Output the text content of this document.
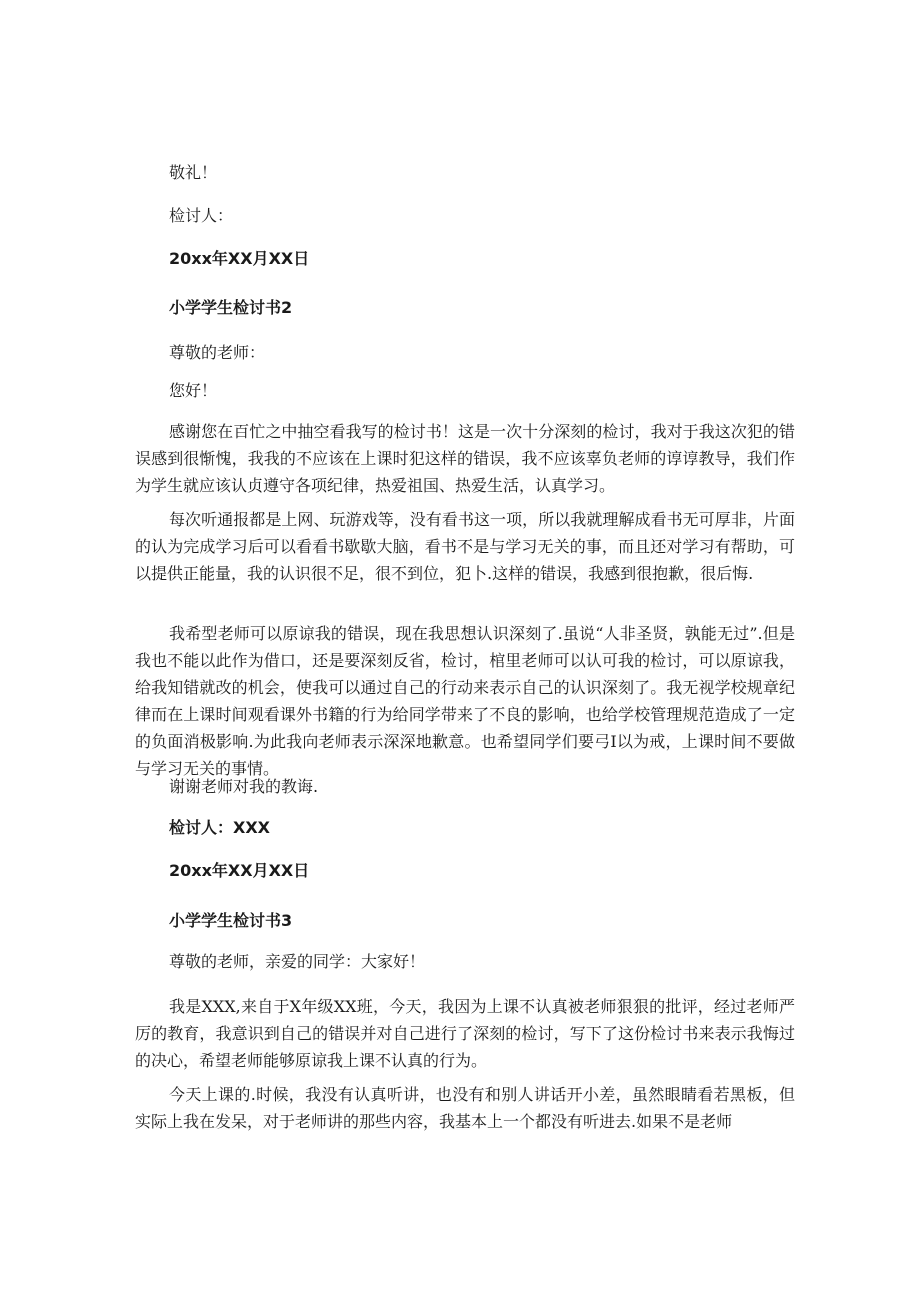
敬礼！

检讨人：

20xx年XX月XX日

小学学生检讨书2

尊敬的老师：

您好！

感谢您在百忙之中抽空看我写的检讨书！这是一次十分深刻的检讨，我对于我这次犯的错误感到很惭愧，我我的不应该在上课时犯这样的错误，我不应该辜负老师的谆谆教导，我们作为学生就应该认贞遵守各项纪律，热爱祖国、热爱生活，认真学习。

每次听通报都是上网、玩游戏等，没有看书这一项，所以我就理解成看书无可厚非，片面的认为完成学习后可以看看书歇歇大脑，看书不是与学习无关的事，而且还对学习有帮助，可以提供正能量，我的认识很不足，很不到位，犯卜.这样的错误，我感到很抱歉，很后悔.

我希型老师可以原谅我的错误，现在我思想认识深刻了.虽说“人非圣贤，孰能无过”.但是我也不能以此作为借口，还是要深刻反省，检讨，棺里老师可以认可我的检讨，可以原谅我，给我知错就改的机会，使我可以通过自己的行动来表示自己的认识深刻了。我无视学校规章纪律而在上课时间观看课外书籍的行为给同学带来了不良的影响，也给学校管理规范造成了一定的负面消极影响.为此我向老师表示深深地歉意。也希望同学们要弓I以为戒，上课时间不要做与学习无关的事情。

谢谢老师对我的教诲.

检讨人：XXX

20xx年XX月XX日

小学学生检讨书3

尊敬的老师，亲爱的同学：大家好！

我是XXX,来自于X年级XX班，今天，我因为上课不认真被老师狠狠的批评，经过老师严厉的教育，我意识到自己的错误并对自己进行了深刻的检讨，写下了这份检讨书来表示我悔过的决心，希望老师能够原谅我上课不认真的行为。

今天上课的.时候，我没有认真听讲，也没有和别人讲话开小差，虽然眼睛看若黑板，但实际上我在发呆，对于老师讲的那些内容，我基本上一个都没有听进去.如果不是老师
